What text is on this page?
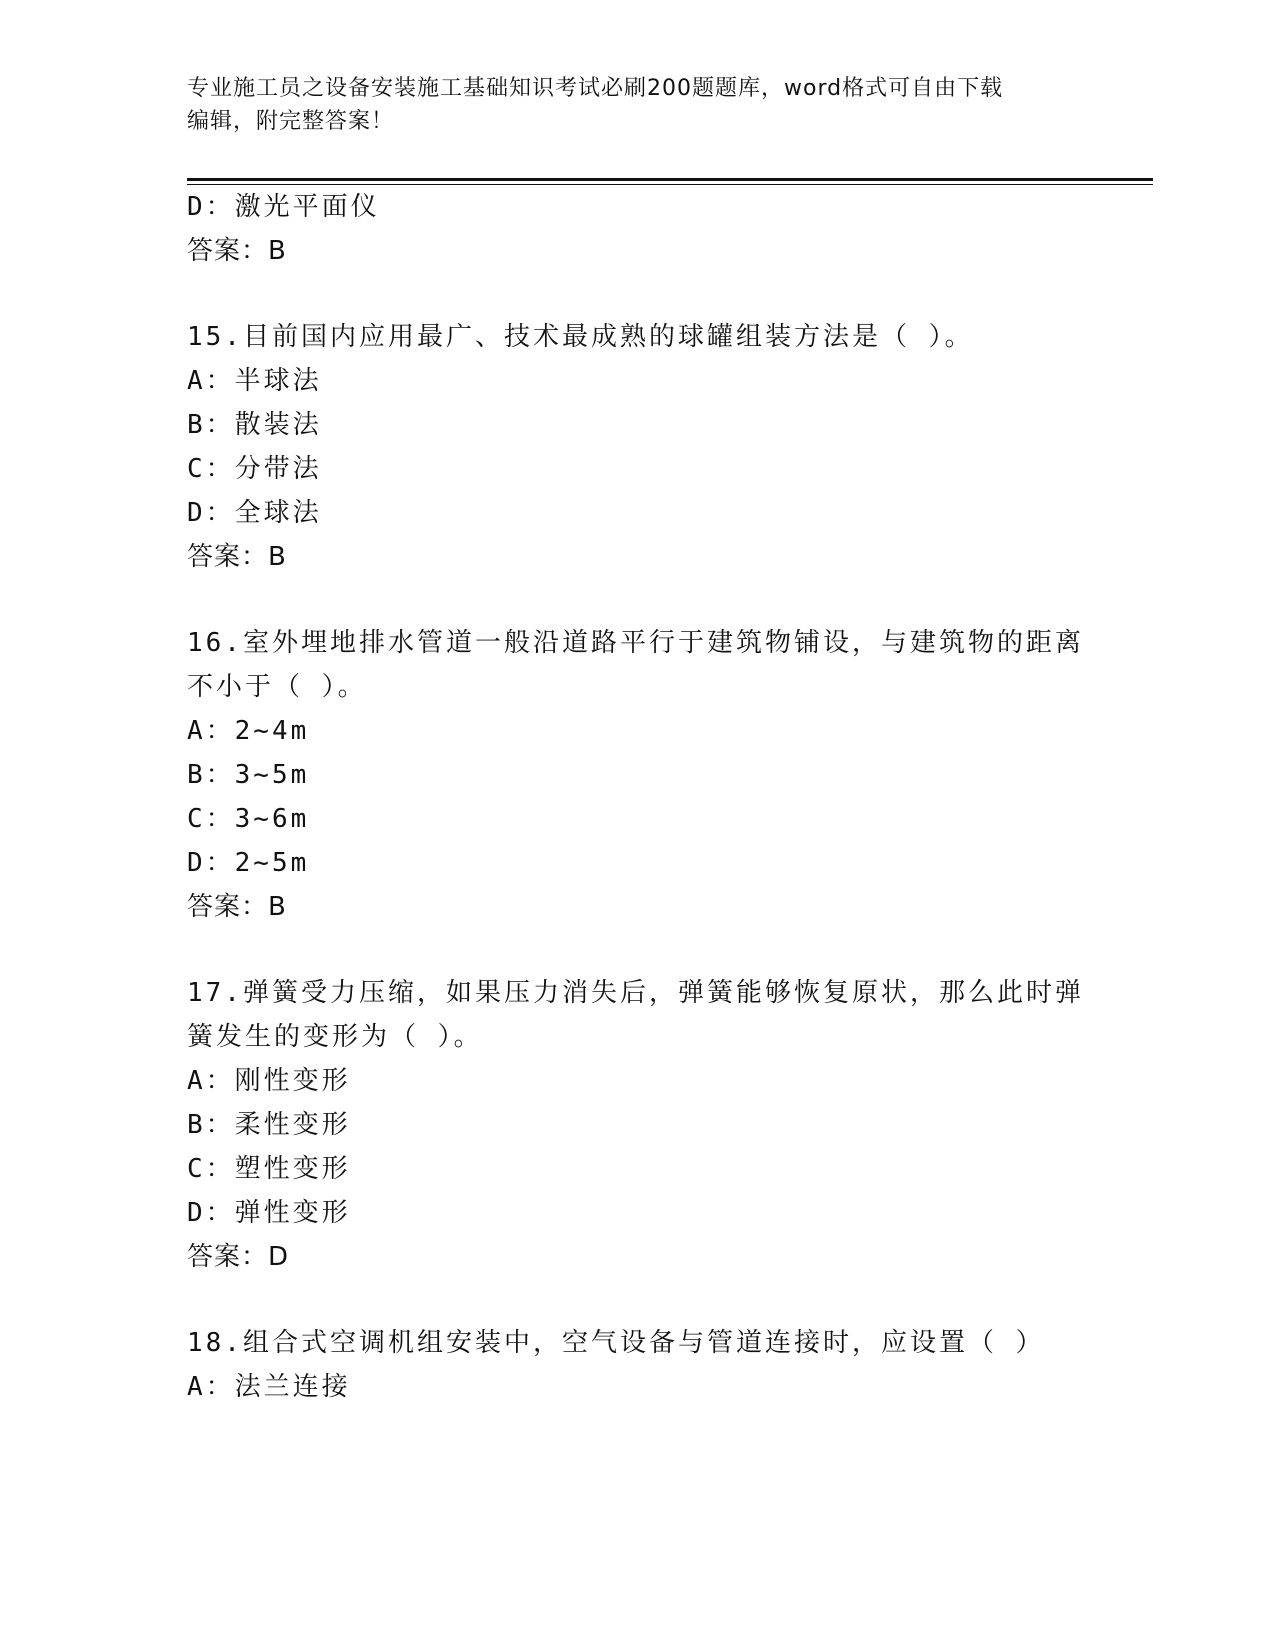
专业施工员之设备安装施工基础知识考试必刷200题题库，word格式可自由下载
编辑，附完整答案！
D：激光平面仪
答案：B
15.目前国内应用最广、技术最成熟的球罐组装方法是（ ）。
A：半球法
B：散装法
C：分带法
D：全球法
答案：B
16.室外埋地排水管道一般沿道路平行于建筑物铺设，与建筑物的距离
不小于（ ）。
A：2~4m
B：3~5m
C：3~6m
D：2~5m
答案：B
17.弹簧受力压缩，如果压力消失后，弹簧能够恢复原状，那么此时弹
簧发生的变形为（ ）。
A：刚性变形
B：柔性变形
C：塑性变形
D：弹性变形
答案：D
18.组合式空调机组安装中，空气设备与管道连接时，应设置（ ）
A：法兰连接
